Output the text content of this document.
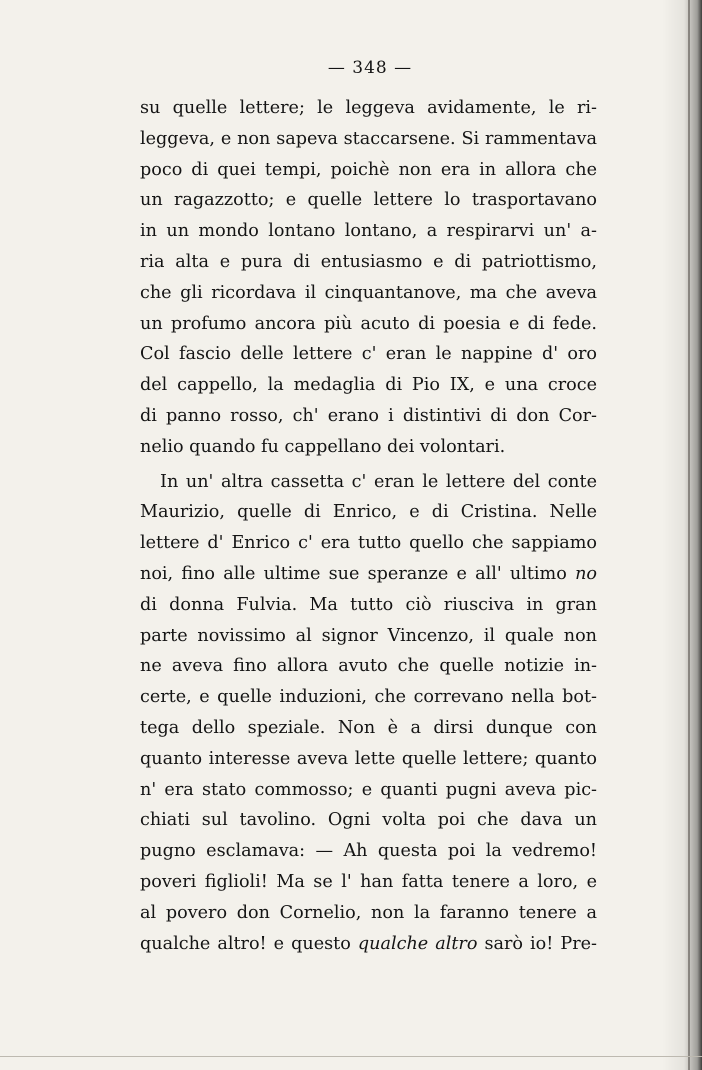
— 348 —
su quelle lettere; le leggeva avidamente, le ri-
leggeva, e non sapeva staccarsene. Si rammentava
poco di quei tempi, poichè non era in allora che
un ragazzotto; e quelle lettere lo trasportavano
in un mondo lontano lontano, a respirarvi un' a-
ria alta e pura di entusiasmo e di patriottismo,
che gli ricordava il cinquantanove, ma che aveva
un profumo ancora più acuto di poesia e di fede.
Col fascio delle lettere c' eran le nappine d' oro
del cappello, la medaglia di Pio IX, e una croce
di panno rosso, ch' erano i distintivi di don Cor-
nelio quando fu cappellano dei volontari.
In un' altra cassetta c' eran le lettere del conte
Maurizio, quelle di Enrico, e di Cristina. Nelle
lettere d' Enrico c' era tutto quello che sappiamo
noi, fino alle ultime sue speranze e all' ultimo no
di donna Fulvia. Ma tutto ciò riusciva in gran
parte novissimo al signor Vincenzo, il quale non
ne aveva fino allora avuto che quelle notizie in-
certe, e quelle induzioni, che correvano nella bot-
tega dello speziale. Non è a dirsi dunque con
quanto interesse aveva lette quelle lettere; quanto
n' era stato commosso; e quanti pugni aveva pic-
chiati sul tavolino. Ogni volta poi che dava un
pugno esclamava: — Ah questa poi la vedremo!
poveri figlioli! Ma se l' han fatta tenere a loro, e
al povero don Cornelio, non la faranno tenere a
qualche altro! e questo qualche altro sarò io! Pre-
